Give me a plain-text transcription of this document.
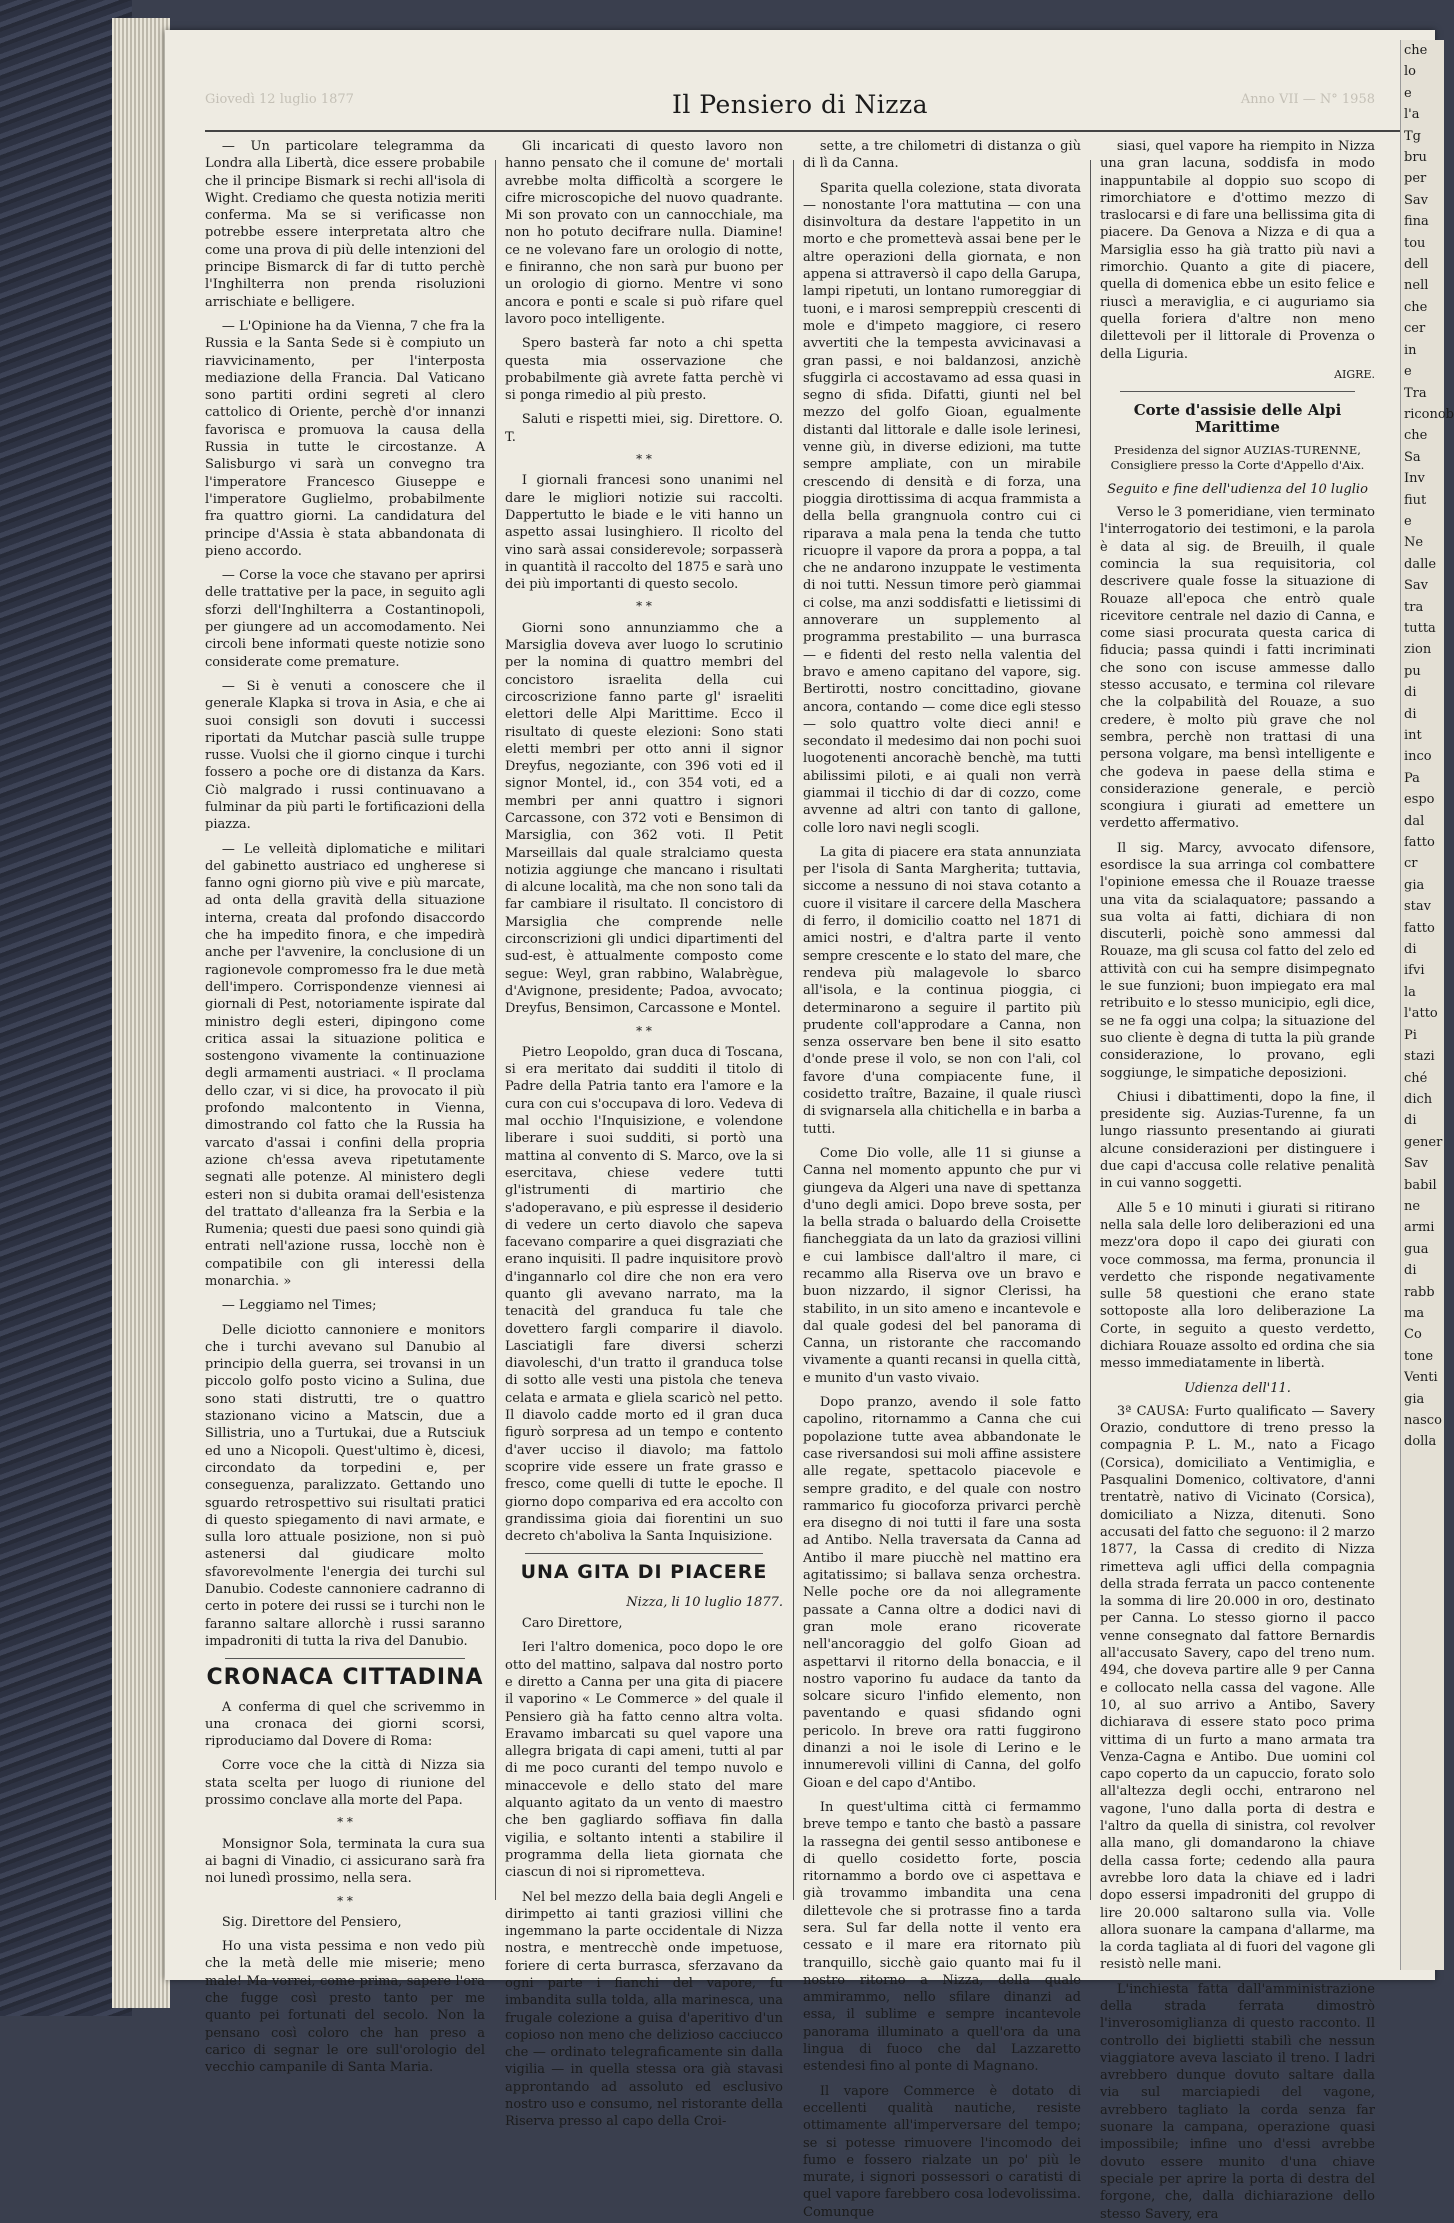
Giovedì 12 luglio 1877	Il Pensiero di Nizza	Anno VII — N° 1958

— Un particolare telegramma da Londra alla Libertà, dice essere probabile che il principe Bismark si rechi all'isola di Wight. Crediamo che questa notizia meriti conferma. Ma se si verificasse non potrebbe essere interpretata altro che come una prova di più delle intenzioni del principe Bismarck di far di tutto perchè l'Inghilterra non prenda risoluzioni arrischiate e belligere.

— L'Opinione ha da Vienna, 7 che fra la Russia e la Santa Sede si è compiuto un riavvicinamento, per l'interposta mediazione della Francia. Dal Vaticano sono partiti ordini segreti al clero cattolico di Oriente, perchè d'or innanzi favorisca e promuova la causa della Russia in tutte le circostanze. A Salisburgo vi sarà un convegno tra l'imperatore Francesco Giuseppe e l'imperatore Guglielmo, probabilmente fra quattro giorni. La candidatura del principe d'Assia è stata abbandonata di pieno accordo.

— Corse la voce che stavano per aprirsi delle trattative per la pace, in seguito agli sforzi dell'Inghilterra a Costantinopoli, per giungere ad un accomodamento. Nei circoli bene informati queste notizie sono considerate come premature.

— Si è venuti a conoscere che il generale Klapka si trova in Asia, e che ai suoi consigli son dovuti i successi riportati da Mutchar pascià sulle truppe russe. Vuolsi che il giorno cinque i turchi fossero a poche ore di distanza da Kars. Ciò malgrado i russi continuavano a fulminar da più parti le fortificazioni della piazza.

— Le velleità diplomatiche e militari del gabinetto austriaco ed ungherese si fanno ogni giorno più vive e più marcate, ad onta della gravità della situazione interna, creata dal profondo disaccordo che ha impedito finora, e che impedirà anche per l'avvenire, la conclusione di un ragionevole compromesso fra le due metà dell'impero. Corrispondenze viennesi ai giornali di Pest, notoriamente ispirate dal ministro degli esteri, dipingono come critica assai la situazione politica e sostengono vivamente la continuazione degli armamenti austriaci. « Il proclama dello czar, vi si dice, ha provocato il più profondo malcontento in Vienna, dimostrando col fatto che la Russia ha varcato d'assai i confini della propria azione ch'essa aveva ripetutamente segnati alle potenze. Al ministero degli esteri non si dubita oramai dell'esistenza del trattato d'alleanza fra la Serbia e la Rumenia; questi due paesi sono quindi già entrati nell'azione russa, locchè non è compatibile con gli interessi della monarchia. »

— Leggiamo nel Times;

Delle diciotto cannoniere e monitors che i turchi avevano sul Danubio al principio della guerra, sei trovansi in un piccolo golfo posto vicino a Sulina, due sono stati distrutti, tre o quattro stazionano vicino a Matscin, due a Sillistria, uno a Turtukai, due a Rutsciuk ed uno a Nicopoli. Quest'ultimo è, dicesi, circondato da torpedini e, per conseguenza, paralizzato. Gettando uno sguardo retrospettivo sui risultati pratici di questo spiegamento di navi armate, e sulla loro attuale posizione, non si può astenersi dal giudicare molto sfavorevolmente l'energia dei turchi sul Danubio. Codeste cannoniere cadranno di certo in potere dei russi se i turchi non le faranno saltare allorchè i russi saranno impadroniti di tutta la riva del Danubio.

CRONACA CITTADINA

A conferma di quel che scrivemmo in una cronaca dei giorni scorsi, riproduciamo dal Dovere di Roma:

Corre voce che la città di Nizza sia stata scelta per luogo di riunione del prossimo conclave alla morte del Papa.

* *

Monsignor Sola, terminata la cura sua ai bagni di Vinadio, ci assicurano sarà fra noi lunedì prossimo, nella sera.

* *

Sig. Direttore del Pensiero,

Ho una vista pessima e non vedo più che la metà delle mie miserie; meno male! Ma vorrei, come prima, sapere l'ora che fugge così presto tanto per me quanto pei fortunati del secolo. Non la pensano così coloro che han preso a carico di segnar le ore sull'orologio del vecchio campanile di Santa Maria.

Gli incaricati di questo lavoro non hanno pensato che il comune de' mortali avrebbe molta difficoltà a scorgere le cifre microscopiche del nuovo quadrante. Mi son provato con un cannocchiale, ma non ho potuto decifrare nulla. Diamine! ce ne volevano fare un orologio di notte, e finiranno, che non sarà pur buono per un orologio di giorno. Mentre vi sono ancora e ponti e scale si può rifare quel lavoro poco intelligente.

Spero basterà far noto a chi spetta questa mia osservazione che probabilmente già avrete fatta perchè vi si ponga rimedio al più presto.

Saluti e rispetti miei, sig. Direttore. O. T.

* *

I giornali francesi sono unanimi nel dare le migliori notizie sui raccolti. Dappertutto le biade e le viti hanno un aspetto assai lusinghiero. Il ricolto del vino sarà assai considerevole; sorpasserà in quantità il raccolto del 1875 e sarà uno dei più importanti di questo secolo.

* *

Giorni sono annunziammo che a Marsiglia doveva aver luogo lo scrutinio per la nomina di quattro membri del concistoro israelita della cui circoscrizione fanno parte gl' israeliti elettori delle Alpi Marittime. Ecco il risultato di queste elezioni: Sono stati eletti membri per otto anni il signor Dreyfus, negoziante, con 396 voti ed il signor Montel, id., con 354 voti, ed a membri per anni quattro i signori Carcassone, con 372 voti e Bensimon di Marsiglia, con 362 voti. Il Petit Marseillais dal quale stralciamo questa notizia aggiunge che mancano i risultati di alcune località, ma che non sono tali da far cambiare il risultato. Il concistoro di Marsiglia che comprende nelle circonscrizioni gli undici dipartimenti del sud-est, è attualmente composto come segue: Weyl, gran rabbino, Walabrègue, d'Avignone, presidente; Padoa, avvocato; Dreyfus, Bensimon, Carcassone e Montel.

* *

Pietro Leopoldo, gran duca di Toscana, si era meritato dai sudditi il titolo di Padre della Patria tanto era l'amore e la cura con cui s'occupava di loro. Vedeva di mal occhio l'Inquisizione, e volendone liberare i suoi sudditi, si portò una mattina al convento di S. Marco, ove la si esercitava, chiese vedere tutti gl'istrumenti di martirio che s'adoperavano, e più espresse il desiderio di vedere un certo diavolo che sapeva facevano comparire a quei disgraziati che erano inquisiti. Il padre inquisitore provò d'ingannarlo col dire che non era vero quanto gli avevano narrato, ma la tenacità del granduca fu tale che dovettero fargli comparire il diavolo. Lasciatigli fare diversi scherzi diavoleschi, d'un tratto il granduca tolse di sotto alle vesti una pistola che teneva celata e armata e gliela scaricò nel petto. Il diavolo cadde morto ed il gran duca figurò sorpresa ad un tempo e contento d'aver ucciso il diavolo; ma fattolo scoprire vide essere un frate grasso e fresco, come quelli di tutte le epoche. Il giorno dopo compariva ed era accolto con grandissima gioia dai fiorentini un suo decreto ch'aboliva la Santa Inquisizione.

UNA GITA DI PIACERE
Nizza, li 10 luglio 1877.

Caro Direttore,

Ieri l'altro domenica, poco dopo le ore otto del mattino, salpava dal nostro porto e diretto a Canna per una gita di piacere il vaporino « Le Commerce » del quale il Pensiero già ha fatto cenno altra volta. Eravamo imbarcati su quel vapore una allegra brigata di capi ameni, tutti al par di me poco curanti del tempo nuvolo e minaccevole e dello stato del mare alquanto agitato da un vento di maestro che ben gagliardo soffiava fin dalla vigilia, e soltanto intenti a stabilire il programma della lieta giornata che ciascun di noi si riprometteva.

Nel bel mezzo della baia degli Angeli e dirimpetto ai tanti graziosi villini che ingemmano la parte occidentale di Nizza nostra, e mentrecchè onde impetuose, foriere di certa burrasca, sferzavano da ogni parte i fianchi del vapore, fu imbandita sulla tolda, alla marinesca, una frugale colezione a guisa d'aperitivo d'un copioso non meno che delizioso cacciucco che — ordinato telegraficamente sin dalla vigilia — in quella stessa ora già stavasi approntando ad assoluto ed esclusivo nostro uso e consumo, nel ristorante della Riserva presso al capo della Croi-

sette, a tre chilometri di distanza o giù di lì da Canna.

Sparita quella colezione, stata divorata — nonostante l'ora mattutina — con una disinvoltura da destare l'appetito in un morto e che promettevà assai bene per le altre operazioni della giornata, e non appena si attraversò il capo della Garupa, lampi ripetuti, un lontano rumoreggiar di tuoni, e i marosi sempreppiù crescenti di mole e d'impeto maggiore, ci resero avvertiti che la tempesta avvicinavasi a gran passi, e noi baldanzosi, anzichè sfuggirla ci accostavamo ad essa quasi in segno di sfida. Difatti, giunti nel bel mezzo del golfo Gioan, egualmente distanti dal littorale e dalle isole lerinesi, venne giù, in diverse edizioni, ma tutte sempre ampliate, con un mirabile crescendo di densità e di forza, una pioggia dirottissima di acqua frammista a della bella grangnuola contro cui ci riparava a mala pena la tenda che tutto ricuopre il vapore da prora a poppa, a tal che ne andarono inzuppate le vestimenta di noi tutti. Nessun timore però giammai ci colse, ma anzi soddisfatti e lietissimi di annoverare un supplemento al programma prestabilito — una burrasca — e fidenti del resto nella valentia del bravo e ameno capitano del vapore, sig. Bertirotti, nostro concittadino, giovane ancora, contando — come dice egli stesso — solo quattro volte dieci anni! e secondato il medesimo dai non pochi suoi luogotenenti ancorachè benchè, ma tutti abilissimi piloti, e ai quali non verrà giammai il ticchio di dar di cozzo, come avvenne ad altri con tanto di gallone, colle loro navi negli scogli.

La gita di piacere era stata annunziata per l'isola di Santa Margherita; tuttavia, siccome a nessuno di noi stava cotanto a cuore il visitare il carcere della Maschera di ferro, il domicilio coatto nel 1871 di amici nostri, e d'altra parte il vento sempre crescente e lo stato del mare, che rendeva più malagevole lo sbarco all'isola, e la continua pioggia, ci determinarono a seguire il partito più prudente coll'approdare a Canna, non senza osservare ben bene il sito esatto d'onde prese il volo, se non con l'ali, col favore d'una compiacente fune, il cosidetto traître, Bazaine, il quale riuscì di svignarsela alla chitichella e in barba a tutti.

Come Dio volle, alle 11 si giunse a Canna nel momento appunto che pur vi giungeva da Algeri una nave di spettanza d'uno degli amici. Dopo breve sosta, per la bella strada o baluardo della Croisette fiancheggiata da un lato da graziosi villini e cui lambisce dall'altro il mare, ci recammo alla Riserva ove un bravo e buon nizzardo, il signor Clerissi, ha stabilito, in un sito ameno e incantevole e dal quale godesi del bel panorama di Canna, un ristorante che raccomando vivamente a quanti recansi in quella città, e munito d'un vasto vivaio.

Dopo pranzo, avendo il sole fatto capolino, ritornammo a Canna che cui popolazione tutte avea abbandonate le case riversandosi sui moli affine assistere alle regate, spettacolo piacevole e sempre gradito, e del quale con nostro rammarico fu giocoforza privarci perchè era disegno di noi tutti il fare una sosta ad Antibo. Nella traversata da Canna ad Antibo il mare piucchè nel mattino era agitatissimo; si ballava senza orchestra. Nelle poche ore da noi allegramente passate a Canna oltre a dodici navi di gran mole erano ricoverate nell'ancoraggio del golfo Gioan ad aspettarvi il ritorno della bonaccia, e il nostro vaporino fu audace da tanto da solcare sicuro l'infido elemento, non paventando e quasi sfidando ogni pericolo. In breve ora ratti fuggirono dinanzi a noi le isole di Lerino e le innumerevoli villini di Canna, del golfo Gioan e del capo d'Antibo.

In quest'ultima città ci fermammo breve tempo e tanto che bastò a passare la rassegna dei gentil sesso antibonese e di quello cosidetto forte, poscia ritornammo a bordo ove ci aspettava e già trovammo imbandita una cena dilettevole che si protrasse fino a tarda sera. Sul far della notte il vento era cessato e il mare era ritornato più tranquillo, sicchè gaio quanto mai fu il nostro ritorno a Nizza, della quale ammirammo, nello sfilare dinanzi ad essa, il sublime e sempre incantevole panorama illuminato a quell'ora da una lingua di fuoco che dal Lazzaretto estendesi fino al ponte di Magnano.

Il vapore Commerce è dotato di eccellenti qualità nautiche, resiste ottimamente all'imperversare del tempo; se si potesse rimuovere l'incomodo dei fumo e fossero rialzate un po' più le murate, i signori possessori o caratisti di quel vapore farebbero cosa lodevolissima. Comunque

siasi, quel vapore ha riempito in Nizza una gran lacuna, soddisfa in modo inappuntabile al doppio suo scopo di rimorchiatore e d'ottimo mezzo di traslocarsi e di fare una bellissima gita di piacere. Da Genova a Nizza e di qua a Marsiglia esso ha già tratto più navi a rimorchio. Quanto a gite di piacere, quella di domenica ebbe un esito felice e riuscì a meraviglia, e ci auguriamo sia quella foriera d'altre non meno dilettevoli per il littorale di Provenza o della Liguria.

AIGRE.
Corte d'assisie delle Alpi Marittime
Presidenza del signor AUZIAS-TURENNE,
Consigliere presso la Corte d'Appello d'Aix.
Seguito e fine dell'udienza del 10 luglio

Verso le 3 pomeridiane, vien terminato l'interrogatorio dei testimoni, e la parola è data al sig. de Breuilh, il quale comincia la sua requisitoria, col descrivere quale fosse la situazione di Rouaze all'epoca che entrò quale ricevitore centrale nel dazio di Canna, e come siasi procurata questa carica di fiducia; passa quindi i fatti incriminati che sono con iscuse ammesse dallo stesso accusato, e termina col rilevare che la colpabilità del Rouaze, a suo credere, è molto più grave che nol sembra, perchè non trattasi di una persona volgare, ma bensì intelligente e che godeva in paese della stima e considerazione generale, e perciò scongiura i giurati ad emettere un verdetto affermativo.

Il sig. Marcy, avvocato difensore, esordisce la sua arringa col combattere l'opinione emessa che il Rouaze traesse una vita da scialaquatore; passando a sua volta ai fatti, dichiara di non discuterli, poichè sono ammessi dal Rouaze, ma gli scusa col fatto del zelo ed attività con cui ha sempre disimpegnato le sue funzioni; buon impiegato era mal retribuito e lo stesso municipio, egli dice, se ne fa oggi una colpa; la situazione del suo cliente è degna di tutta la più grande considerazione, lo provano, egli soggiunge, le simpatiche deposizioni.

Chiusi i dibattimenti, dopo la fine, il presidente sig. Auzias-Turenne, fa un lungo riassunto presentando ai giurati alcune considerazioni per distinguere i due capi d'accusa colle relative penalità in cui vanno soggetti.

Alle 5 e 10 minuti i giurati si ritirano nella sala delle loro deliberazioni ed una mezz'ora dopo il capo dei giurati con voce commossa, ma ferma, pronuncia il verdetto che risponde negativamente sulle 58 questioni che erano state sottoposte alla loro deliberazione La Corte, in seguito a questo verdetto, dichiara Rouaze assolto ed ordina che sia messo immediatamente in libertà.

Udienza dell'11.

3ª CAUSA: Furto qualificato — Savery Orazio, conduttore di treno presso la compagnia P. L. M., nato a Ficago (Corsica), domiciliato a Ventimiglia, e Pasqualini Domenico, coltivatore, d'anni trentatrè, nativo di Vicinato (Corsica), domiciliato a Nizza, ditenuti. Sono accusati del fatto che seguono: il 2 marzo 1877, la Cassa di credito di Nizza rimetteva agli uffici della compagnia della strada ferrata un pacco contenente la somma di lire 20.000 in oro, destinato per Canna. Lo stesso giorno il pacco venne consegnato dal fattore Bernardis all'accusato Savery, capo del treno num. 494, che doveva partire alle 9 per Canna e collocato nella cassa del vagone. Alle 10, al suo arrivo a Antibo, Savery dichiarava di essere stato poco prima vittima di un furto a mano armata tra Venza-Cagna e Antibo. Due uomini col capo coperto da un capuccio, forato solo all'altezza degli occhi, entrarono nel vagone, l'uno dalla porta di destra e l'altro da quella di sinistra, col revolver alla mano, gli domandarono la chiave della cassa forte; cedendo alla paura avrebbe loro data la chiave ed i ladri dopo essersi impadroniti del gruppo di lire 20.000 saltarono sulla via. Volle allora suonare la campana d'allarme, ma la corda tagliata al di fuori del vagone gli resistò nelle mani.

L'inchiesta fatta dall'amministrazione della strada ferrata dimostrò l'inverosomiglianza di questo racconto. Il controllo dei biglietti stabilì che nessun viaggiatore aveva lasciato il treno. I ladri avrebbero dunque dovuto saltare dalla via sul marciapiedi del vagone, avrebbero tagliato la corda senza far suonare la campana, operazione quasi impossibile; infine uno d'essi avrebbe dovuto essere munito d'una chiave speciale per aprire la porta di destra del forgone, che, dalla dichiarazione dello stesso Savery, era

che
lo
e
l'a
Tg
bru
per
Sav
fina
tou
dell
nell
che
cer
in
e
Tra
riconob
che
Sa
Inv
fiut
e
Ne
dalle
Sav
tra
tutta
zion
pu
di
di
int
inco
Pa
espo
dal
fatto
cr
gia
stav
fatto
di
ifvi
la
l'atto
Pi
stazi
ché
dich
di
gener
Sav
babil
ne
armi
gua
di
rabb
ma
Co
tone
Venti
gia
nasco
dolla
